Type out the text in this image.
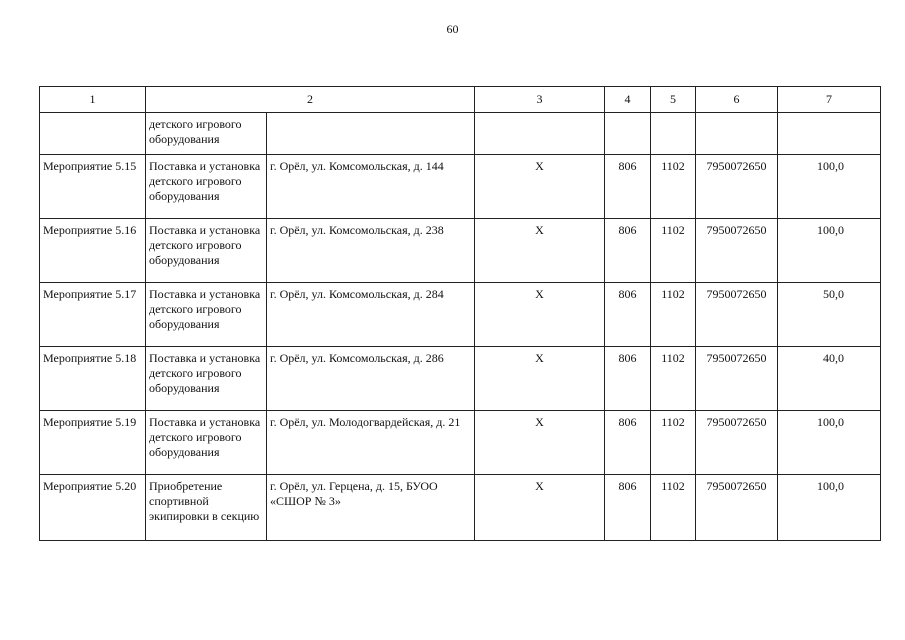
60
1	2		3	4	5	6	7
	детского игрового оборудования						
Мероприятие 5.15	Поставка и установка детского игрового оборудования	г. Орёл, ул. Комсомольская, д. 144	Х	806	1102	7950072650	100,0
Мероприятие 5.16	Поставка и установка детского игрового оборудования	г. Орёл, ул. Комсомольская, д. 238	Х	806	1102	7950072650	100,0
Мероприятие 5.17	Поставка и установка детского игрового оборудования	г. Орёл, ул. Комсомольская, д. 284	Х	806	1102	7950072650	50,0
Мероприятие 5.18	Поставка и установка детского игрового оборудования	г. Орёл, ул. Комсомольская, д. 286	Х	806	1102	7950072650	40,0
Мероприятие 5.19	Поставка и установка детского игрового оборудования	г. Орёл, ул. Молодогвардейская, д. 21	Х	806	1102	7950072650	100,0
Мероприятие 5.20	Приобретение спортивной экипировки в секцию	г. Орёл, ул. Герцена, д. 15, БУОО «СШОР № 3»	Х	806	1102	7950072650	100,0
